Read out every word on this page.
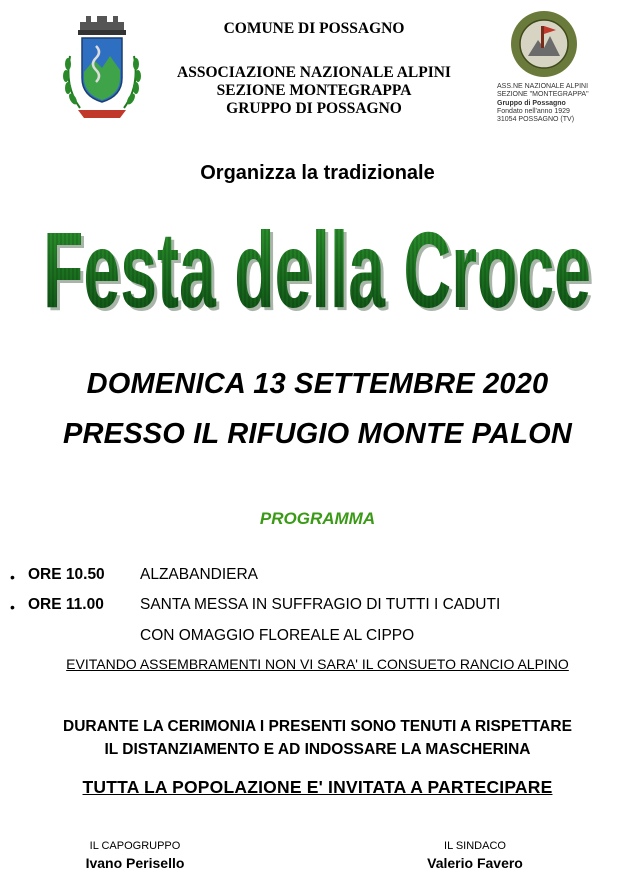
COMUNE DI POSSAGNO
ASSOCIAZIONE NAZIONALE ALPINI
SEZIONE MONTEGRAPPA
GRUPPO DI POSSAGNO
ASS.NE NAZIONALE ALPINI
SEZIONE "MONTEGRAPPA"
Gruppo di Possagno
Fondato nell'anno 1929
31054 POSSAGNO (TV)
Organizza la tradizionale
Festa della Croce
Festa della Croce
Festa della Croce
DOMENICA 13 SETTEMBRE 2020
PRESSO IL RIFUGIO MONTE PALON
PROGRAMMA
• ORE 10.50 ALZABANDIERA
• ORE 11.00 SANTA MESSA IN SUFFRAGIO DI TUTTI I CADUTI
CON OMAGGIO FLOREALE AL CIPPO
EVITANDO ASSEMBRAMENTI NON VI SARA' IL CONSUETO RANCIO ALPINO
DURANTE LA CERIMONIA I PRESENTI SONO TENUTI A RISPETTARE
IL DISTANZIAMENTO E AD INDOSSARE LA MASCHERINA
TUTTA LA POPOLAZIONE E' INVITATA A PARTECIPARE
IL CAPOGRUPPO
Ivano Perisello
IL SINDACO
Valerio Favero
